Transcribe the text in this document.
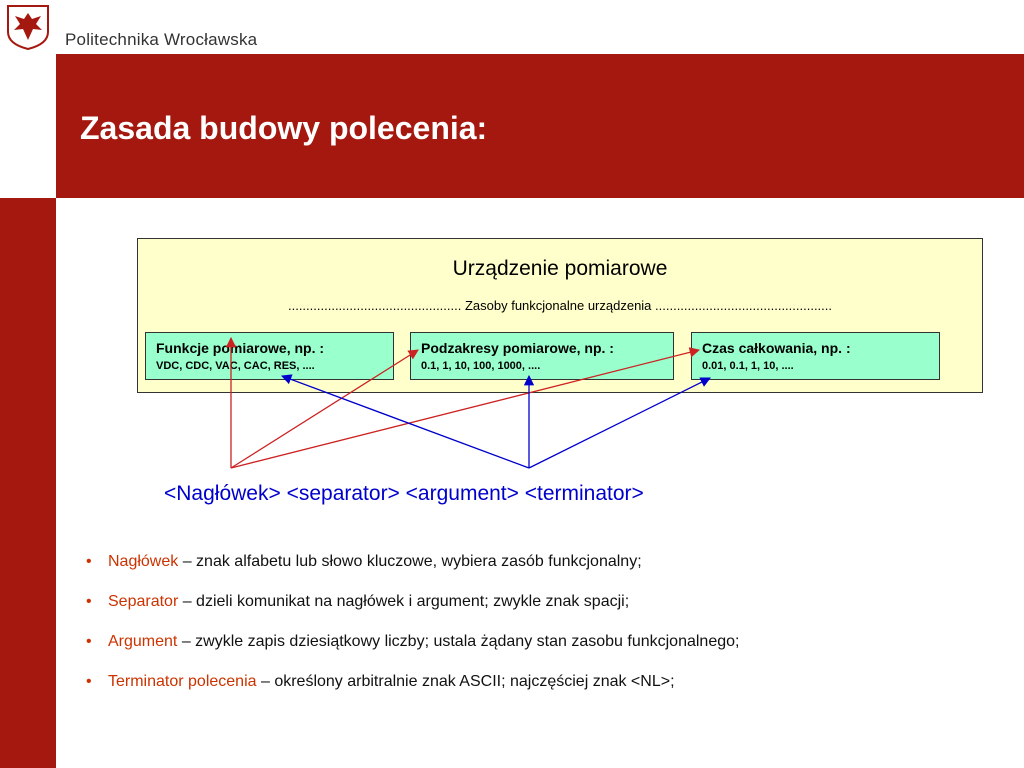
Politechnika Wrocławska
Zasada budowy polecenia:
Urządzenie pomiarowe
................................................ Zasoby funkcjonalne urządzenia .................................................
Funkcje pomiarowe, np. :
VDC, CDC, VAC, CAC, RES, ....
Podzakresy pomiarowe, np. :
0.1, 1, 10, 100, 1000, ....
Czas całkowania, np. :
0.01, 0.1, 1, 10, ....
<Nagłówek> <separator> <argument> <terminator>
• Nagłówek – znak alfabetu lub słowo kluczowe, wybiera zasób funkcjonalny;
• Separator – dzieli komunikat na nagłówek i argument; zwykle znak spacji;
• Argument – zwykle zapis dziesiątkowy liczby; ustala żądany stan zasobu funkcjonalnego;
• Terminator polecenia – określony arbitralnie znak ASCII; najczęściej znak <NL>;
